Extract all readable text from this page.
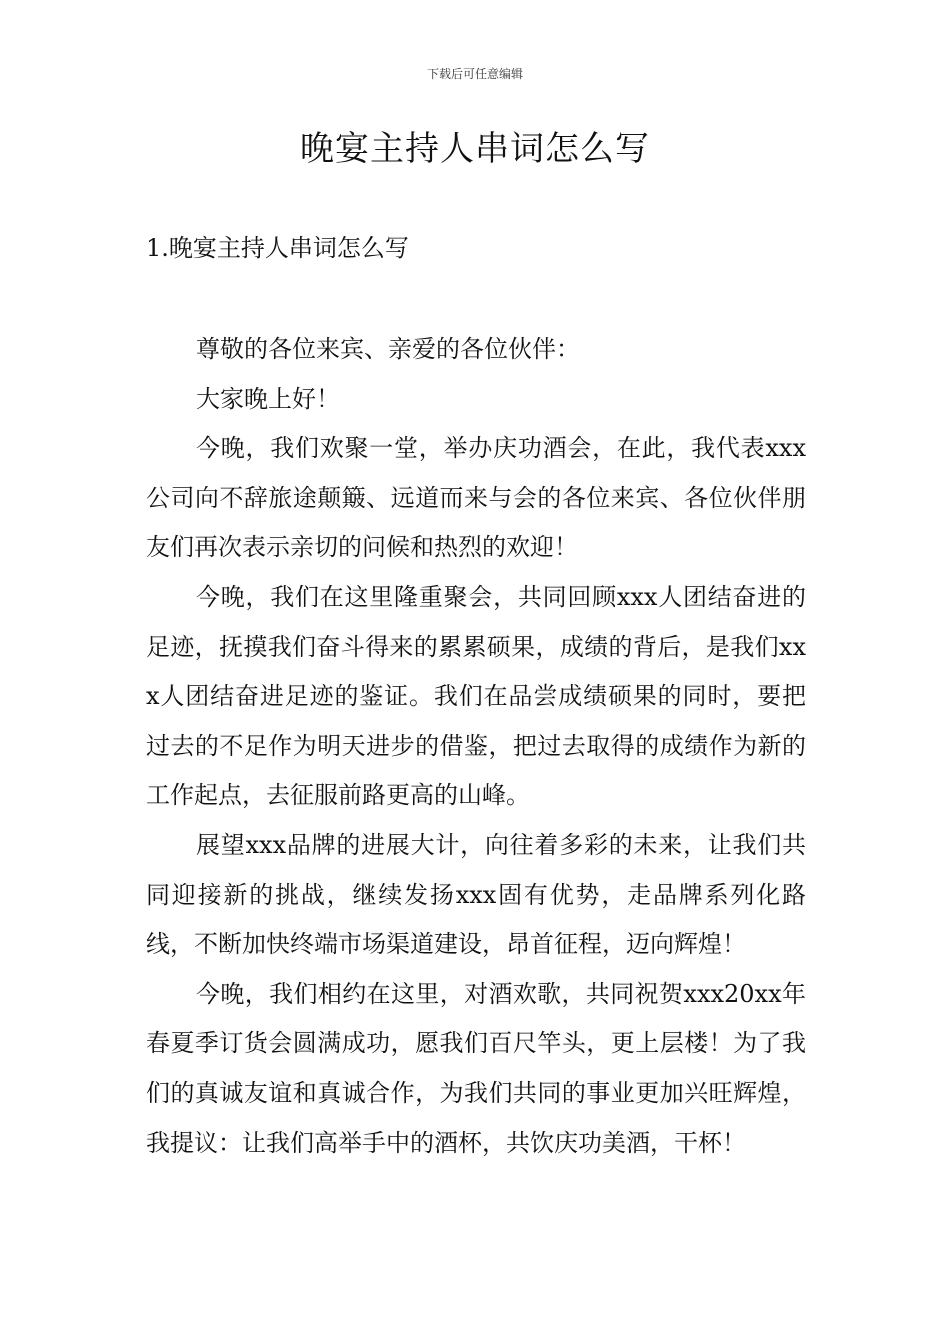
下载后可任意编辑
晚宴主持人串词怎么写
1.晚宴主持人串词怎么写

尊敬的各位来宾、亲爱的各位伙伴：

大家晚上好！

今晚，我们欢聚一堂，举办庆功酒会，在此，我代表xxx公司向不辞旅途颠簸、远道而来与会的各位来宾、各位伙伴朋友们再次表示亲切的问候和热烈的欢迎！

今晚，我们在这里隆重聚会，共同回顾xxx人团结奋进的足迹，抚摸我们奋斗得来的累累硕果，成绩的背后，是我们xxx人团结奋进足迹的鉴证。我们在品尝成绩硕果的同时，要把过去的不足作为明天进步的借鉴，把过去取得的成绩作为新的工作起点，去征服前路更高的山峰。

展望xxx品牌的进展大计，向往着多彩的未来，让我们共同迎接新的挑战，继续发扬xxx固有优势，走品牌系列化路线，不断加快终端市场渠道建设，昂首征程，迈向辉煌！

今晚，我们相约在这里，对酒欢歌，共同祝贺xxx20xx年春夏季订货会圆满成功，愿我们百尺竿头，更上层楼！为了我们的真诚友谊和真诚合作，为我们共同的事业更加兴旺辉煌，我提议：让我们高举手中的酒杯，共饮庆功美酒，干杯！
